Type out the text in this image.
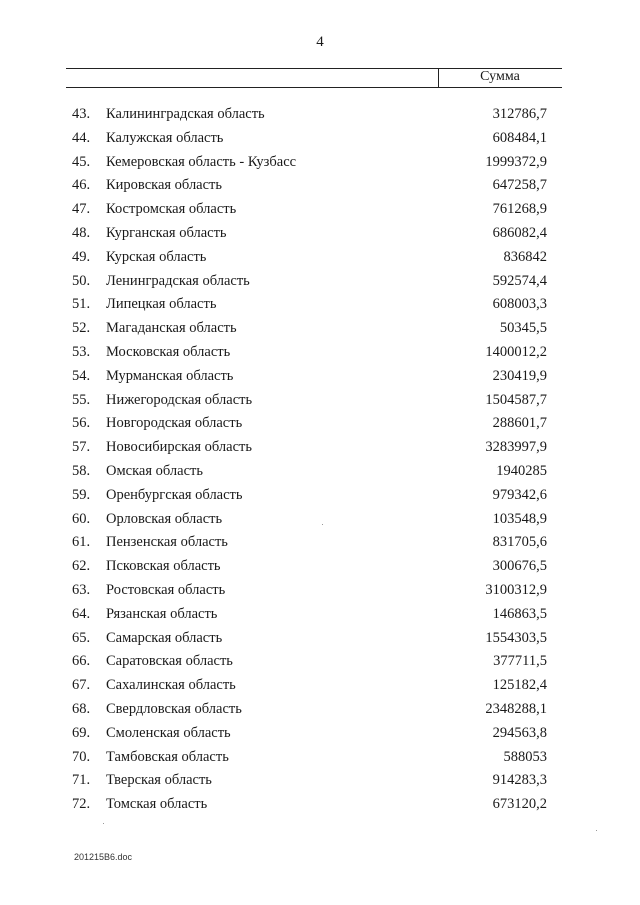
4
Сумма
43.	Калининградская область	312786,7
44.	Калужская область	608484,1
45.	Кемеровская область - Кузбасс	1999372,9
46.	Кировская область	647258,7
47.	Костромская область	761268,9
48.	Курганская область	686082,4
49.	Курская область	836842
50.	Ленинградская область	592574,4
51.	Липецкая область	608003,3
52.	Магаданская область	50345,5
53.	Московская область	1400012,2
54.	Мурманская область	230419,9
55.	Нижегородская область	1504587,7
56.	Новгородская область	288601,7
57.	Новосибирская область	3283997,9
58.	Омская область	1940285
59.	Оренбургская область	979342,6
60.	Орловская область	103548,9
61.	Пензенская область	831705,6
62.	Псковская область	300676,5
63.	Ростовская область	3100312,9
64.	Рязанская область	146863,5
65.	Самарская область	1554303,5
66.	Саратовская область	377711,5
67.	Сахалинская область	125182,4
68.	Свердловская область	2348288,1
69.	Смоленская область	294563,8
70.	Тамбовская область	588053
71.	Тверская область	914283,3
72.	Томская область	673120,2
201215B6.doc
